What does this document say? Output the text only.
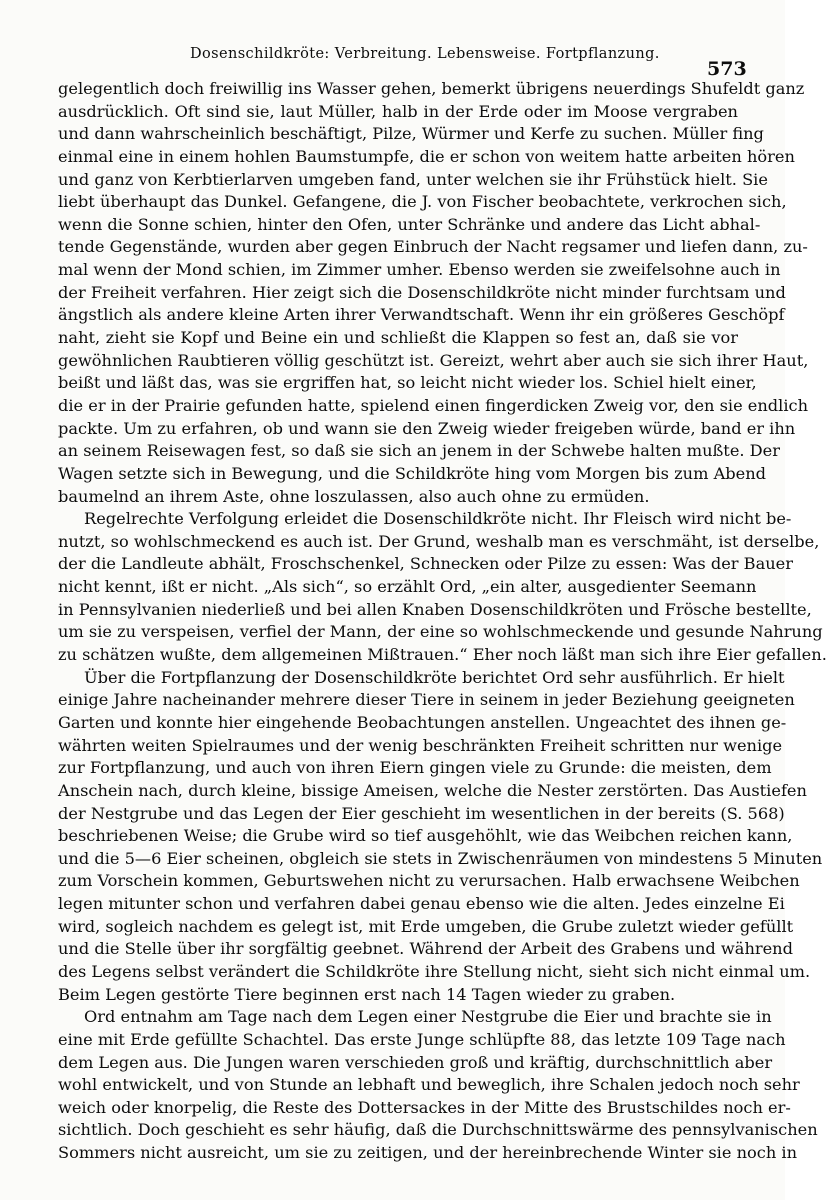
Dosenschildkröte: Verbreitung. Lebensweise. Fortpflanzung.
573
gelegentlich doch freiwillig ins Wasser gehen, bemerkt übrigens neuerdings Shufeldt ganz
ausdrücklich. Oft sind sie, laut Müller, halb in der Erde oder im Moose vergraben
und dann wahrscheinlich beschäftigt, Pilze, Würmer und Kerfe zu suchen. Müller fing
einmal eine in einem hohlen Baumstumpfe, die er schon von weitem hatte arbeiten hören
und ganz von Kerbtierlarven umgeben fand, unter welchen sie ihr Frühstück hielt. Sie
liebt überhaupt das Dunkel. Gefangene, die J. von Fischer beobachtete, verkrochen sich,
wenn die Sonne schien, hinter den Ofen, unter Schränke und andere das Licht abhal-
tende Gegenstände, wurden aber gegen Einbruch der Nacht regsamer und liefen dann, zu-
mal wenn der Mond schien, im Zimmer umher. Ebenso werden sie zweifelsohne auch in
der Freiheit verfahren. Hier zeigt sich die Dosenschildkröte nicht minder furchtsam und
ängstlich als andere kleine Arten ihrer Verwandtschaft. Wenn ihr ein größeres Geschöpf
naht, zieht sie Kopf und Beine ein und schließt die Klappen so fest an, daß sie vor
gewöhnlichen Raubtieren völlig geschützt ist. Gereizt, wehrt aber auch sie sich ihrer Haut,
beißt und läßt das, was sie ergriffen hat, so leicht nicht wieder los. Schiel hielt einer,
die er in der Prairie gefunden hatte, spielend einen fingerdicken Zweig vor, den sie endlich
packte. Um zu erfahren, ob und wann sie den Zweig wieder freigeben würde, band er ihn
an seinem Reisewagen fest, so daß sie sich an jenem in der Schwebe halten mußte. Der
Wagen setzte sich in Bewegung, und die Schildkröte hing vom Morgen bis zum Abend
baumelnd an ihrem Aste, ohne loszulassen, also auch ohne zu ermüden.
Regelrechte Verfolgung erleidet die Dosenschildkröte nicht. Ihr Fleisch wird nicht be-
nutzt, so wohlschmeckend es auch ist. Der Grund, weshalb man es verschmäht, ist derselbe,
der die Landleute abhält, Froschschenkel, Schnecken oder Pilze zu essen: Was der Bauer
nicht kennt, ißt er nicht. „Als sich“, so erzählt Ord, „ein alter, ausgedienter Seemann
in Pennsylvanien niederließ und bei allen Knaben Dosenschildkröten und Frösche bestellte,
um sie zu verspeisen, verfiel der Mann, der eine so wohlschmeckende und gesunde Nahrung
zu schätzen wußte, dem allgemeinen Mißtrauen.“ Eher noch läßt man sich ihre Eier gefallen.
Über die Fortpflanzung der Dosenschildkröte berichtet Ord sehr ausführlich. Er hielt
einige Jahre nacheinander mehrere dieser Tiere in seinem in jeder Beziehung geeigneten
Garten und konnte hier eingehende Beobachtungen anstellen. Ungeachtet des ihnen ge-
währten weiten Spielraumes und der wenig beschränkten Freiheit schritten nur wenige
zur Fortpflanzung, und auch von ihren Eiern gingen viele zu Grunde: die meisten, dem
Anschein nach, durch kleine, bissige Ameisen, welche die Nester zerstörten. Das Austiefen
der Nestgrube und das Legen der Eier geschieht im wesentlichen in der bereits (S. 568)
beschriebenen Weise; die Grube wird so tief ausgehöhlt, wie das Weibchen reichen kann,
und die 5—6 Eier scheinen, obgleich sie stets in Zwischenräumen von mindestens 5 Minuten
zum Vorschein kommen, Geburtswehen nicht zu verursachen. Halb erwachsene Weibchen
legen mitunter schon und verfahren dabei genau ebenso wie die alten. Jedes einzelne Ei
wird, sogleich nachdem es gelegt ist, mit Erde umgeben, die Grube zuletzt wieder gefüllt
und die Stelle über ihr sorgfältig geebnet. Während der Arbeit des Grabens und während
des Legens selbst verändert die Schildkröte ihre Stellung nicht, sieht sich nicht einmal um.
Beim Legen gestörte Tiere beginnen erst nach 14 Tagen wieder zu graben.
Ord entnahm am Tage nach dem Legen einer Nestgrube die Eier und brachte sie in
eine mit Erde gefüllte Schachtel. Das erste Junge schlüpfte 88, das letzte 109 Tage nach
dem Legen aus. Die Jungen waren verschieden groß und kräftig, durchschnittlich aber
wohl entwickelt, und von Stunde an lebhaft und beweglich, ihre Schalen jedoch noch sehr
weich oder knorpelig, die Reste des Dottersackes in der Mitte des Brustschildes noch er-
sichtlich. Doch geschieht es sehr häufig, daß die Durchschnittswärme des pennsylvanischen
Sommers nicht ausreicht, um sie zu zeitigen, und der hereinbrechende Winter sie noch in
